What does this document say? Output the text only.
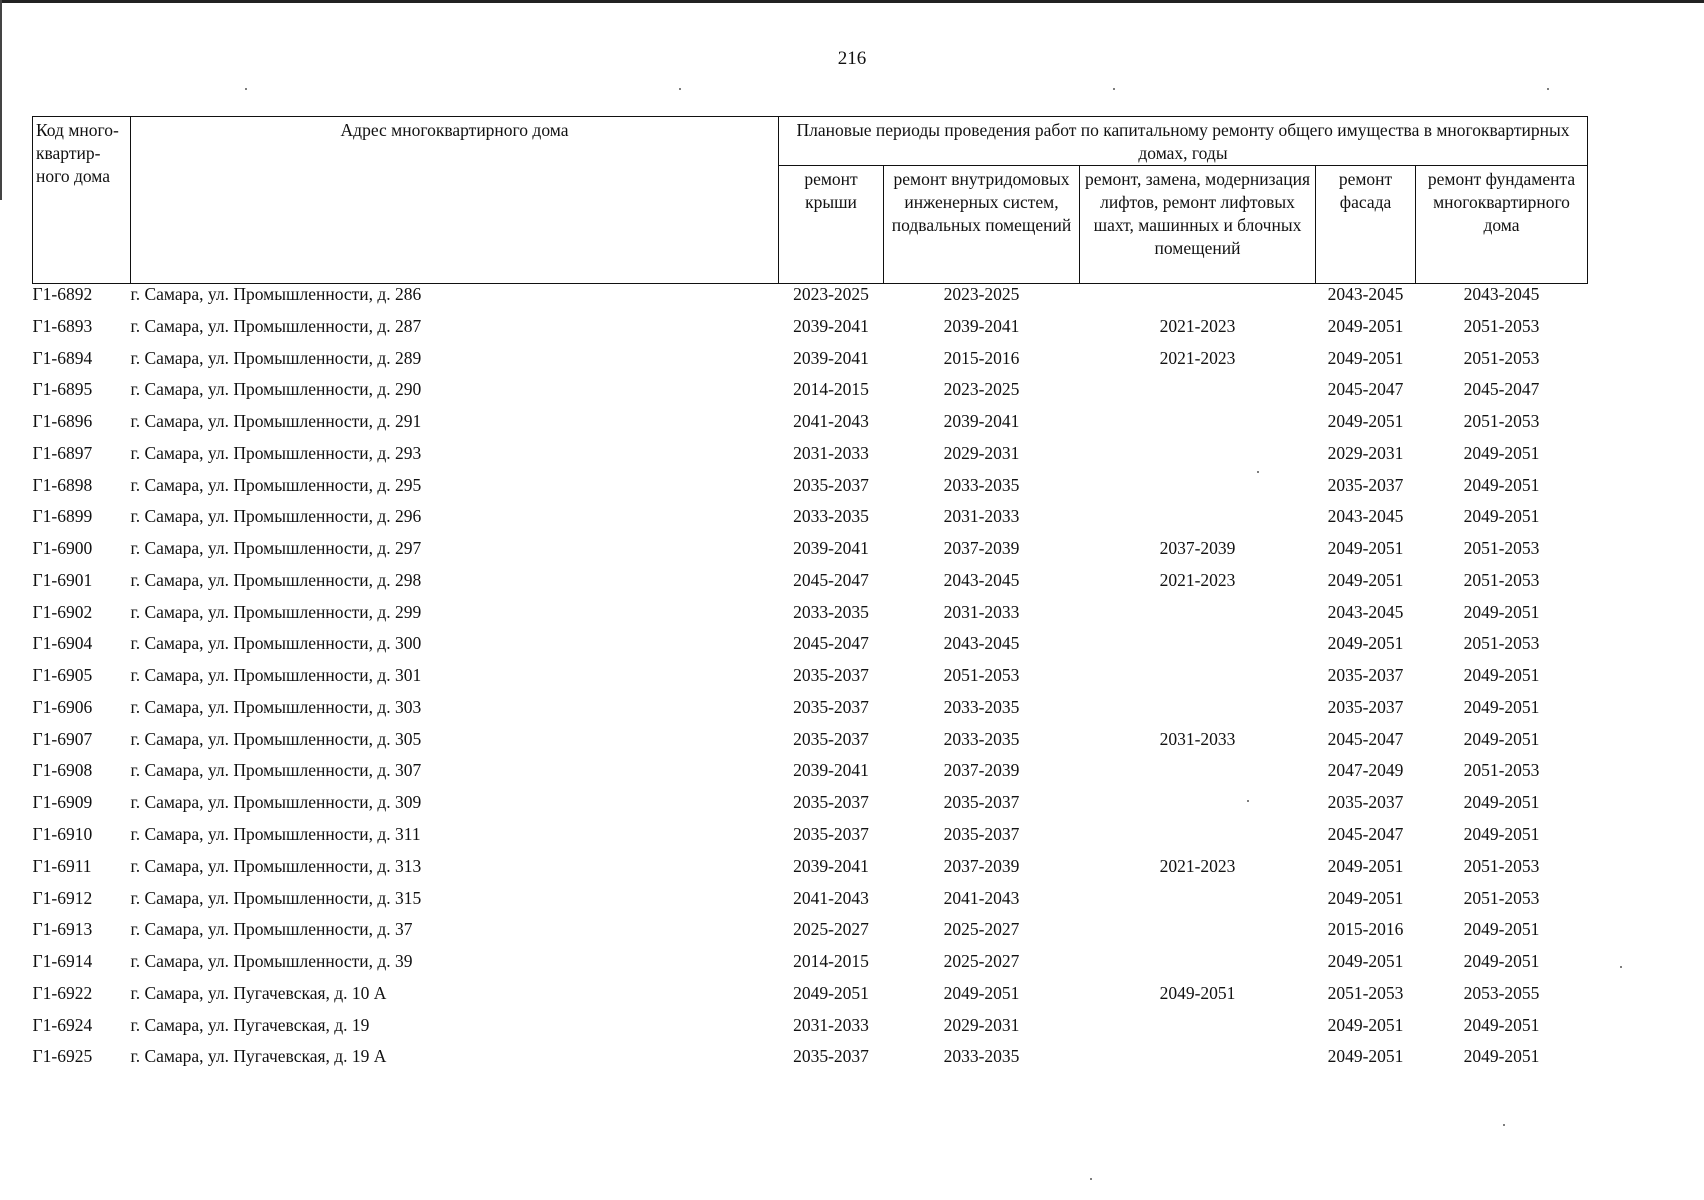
216
Код много-квартир-ного дома	Адрес многоквартирного дома	Плановые периоды проведения работ по капитальному ремонту общего имущества в многоквартирных домах, годы				
		ремонт крыши	ремонт внутридомовых инженерных систем, подвальных помещений	ремонт, замена, модернизация лифтов, ремонт лифтовых шахт, машинных и блочных помещений	ремонт фасада	ремонт фундамента многоквартирного дома
Г1-6892	г. Самара, ул. Промышленности, д. 286	2023-2025	2023-2025		2043-2045	2043-2045
Г1-6893	г. Самара, ул. Промышленности, д. 287	2039-2041	2039-2041	2021-2023	2049-2051	2051-2053
Г1-6894	г. Самара, ул. Промышленности, д. 289	2039-2041	2015-2016	2021-2023	2049-2051	2051-2053
Г1-6895	г. Самара, ул. Промышленности, д. 290	2014-2015	2023-2025		2045-2047	2045-2047
Г1-6896	г. Самара, ул. Промышленности, д. 291	2041-2043	2039-2041		2049-2051	2051-2053
Г1-6897	г. Самара, ул. Промышленности, д. 293	2031-2033	2029-2031		2029-2031	2049-2051
Г1-6898	г. Самара, ул. Промышленности, д. 295	2035-2037	2033-2035		2035-2037	2049-2051
Г1-6899	г. Самара, ул. Промышленности, д. 296	2033-2035	2031-2033		2043-2045	2049-2051
Г1-6900	г. Самара, ул. Промышленности, д. 297	2039-2041	2037-2039	2037-2039	2049-2051	2051-2053
Г1-6901	г. Самара, ул. Промышленности, д. 298	2045-2047	2043-2045	2021-2023	2049-2051	2051-2053
Г1-6902	г. Самара, ул. Промышленности, д. 299	2033-2035	2031-2033		2043-2045	2049-2051
Г1-6904	г. Самара, ул. Промышленности, д. 300	2045-2047	2043-2045		2049-2051	2051-2053
Г1-6905	г. Самара, ул. Промышленности, д. 301	2035-2037	2051-2053		2035-2037	2049-2051
Г1-6906	г. Самара, ул. Промышленности, д. 303	2035-2037	2033-2035		2035-2037	2049-2051
Г1-6907	г. Самара, ул. Промышленности, д. 305	2035-2037	2033-2035	2031-2033	2045-2047	2049-2051
Г1-6908	г. Самара, ул. Промышленности, д. 307	2039-2041	2037-2039		2047-2049	2051-2053
Г1-6909	г. Самара, ул. Промышленности, д. 309	2035-2037	2035-2037		2035-2037	2049-2051
Г1-6910	г. Самара, ул. Промышленности, д. 311	2035-2037	2035-2037		2045-2047	2049-2051
Г1-6911	г. Самара, ул. Промышленности, д. 313	2039-2041	2037-2039	2021-2023	2049-2051	2051-2053
Г1-6912	г. Самара, ул. Промышленности, д. 315	2041-2043	2041-2043		2049-2051	2051-2053
Г1-6913	г. Самара, ул. Промышленности, д. 37	2025-2027	2025-2027		2015-2016	2049-2051
Г1-6914	г. Самара, ул. Промышленности, д. 39	2014-2015	2025-2027		2049-2051	2049-2051
Г1-6922	г. Самара, ул. Пугачевская, д. 10 А	2049-2051	2049-2051	2049-2051	2051-2053	2053-2055
Г1-6924	г. Самара, ул. Пугачевская, д. 19	2031-2033	2029-2031		2049-2051	2049-2051
Г1-6925	г. Самара, ул. Пугачевская, д. 19 А	2035-2037	2033-2035		2049-2051	2049-2051
